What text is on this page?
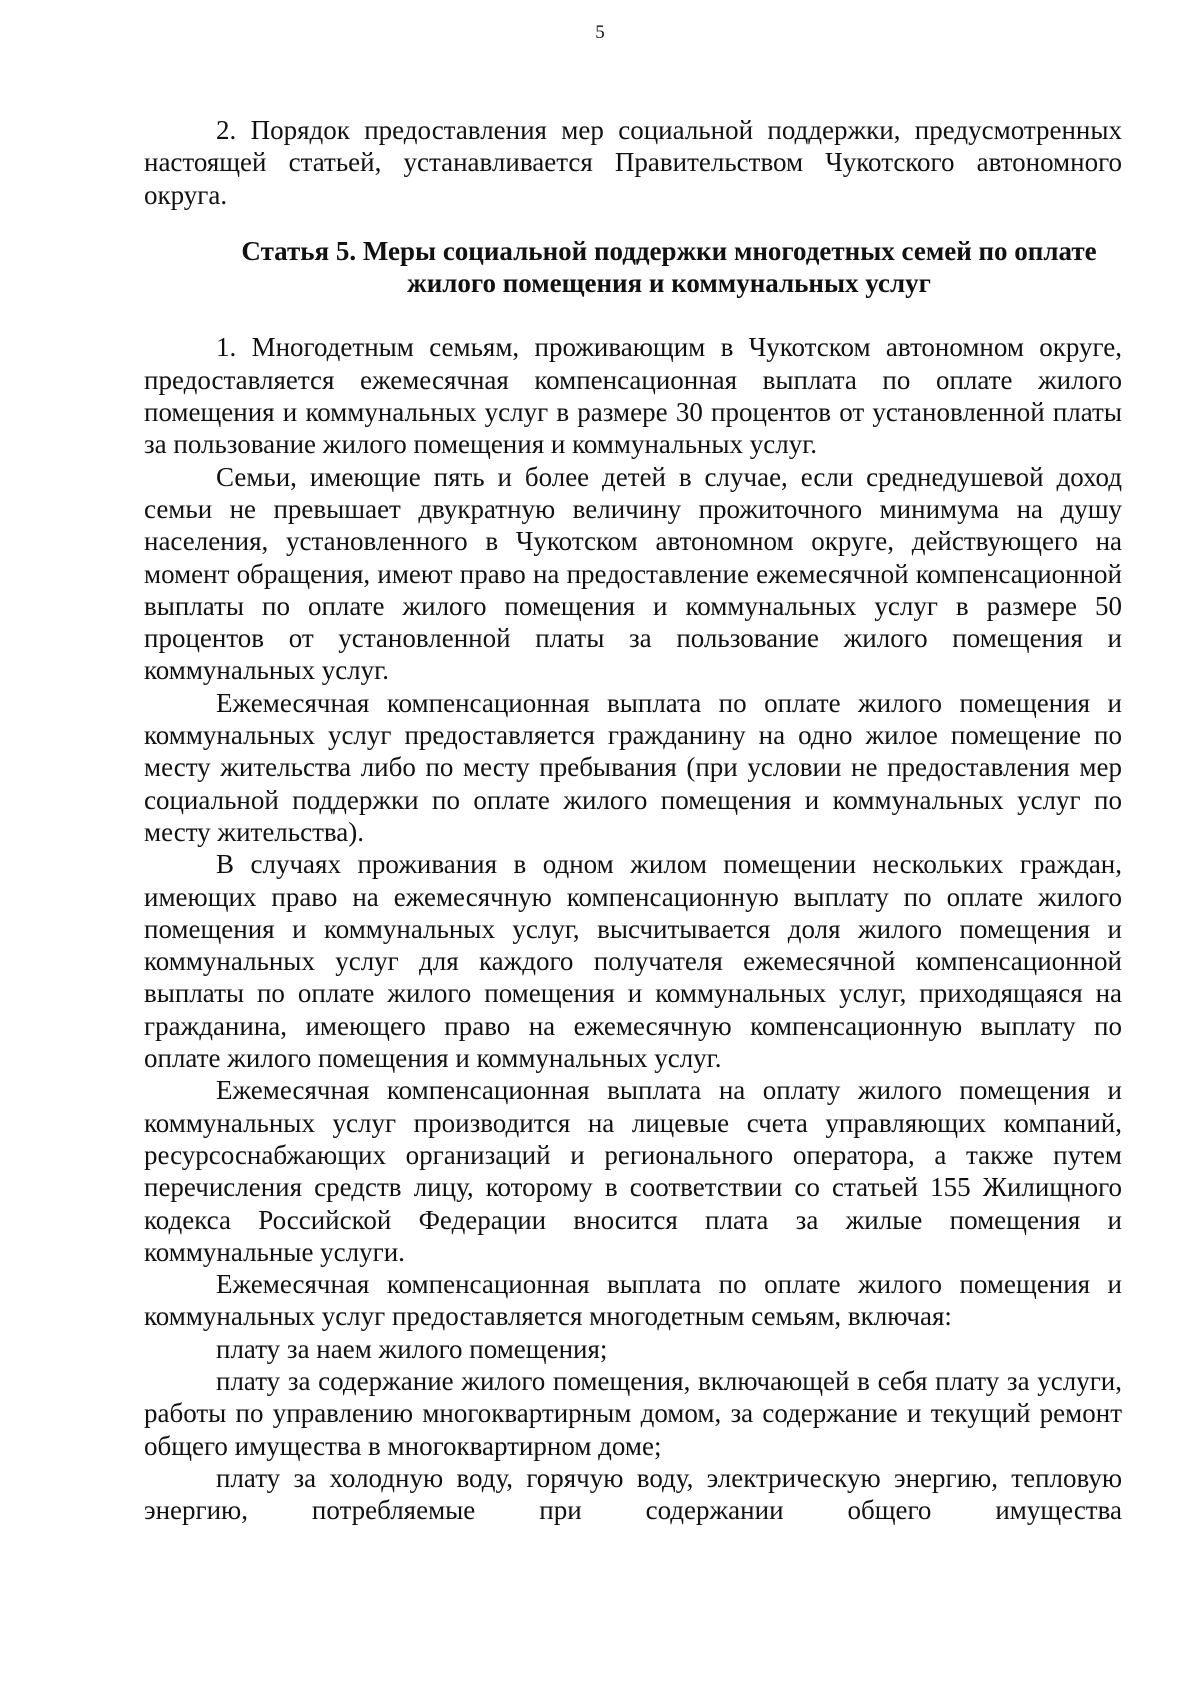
5

2. Порядок предоставления мер социальной поддержки, предусмотренных настоящей статьей, устанавливается Правительством Чукотского автономного округа.

Статья 5. Меры социальной поддержки многодетных семей по оплате
жилого помещения и коммунальных услуг

1. Многодетным семьям, проживающим в Чукотском автономном округе, предоставляется ежемесячная компенсационная выплата по оплате жилого помещения и коммунальных услуг в размере 30 процентов от установленной платы за пользование жилого помещения и коммунальных услуг.

Семьи, имеющие пять и более детей в случае, если среднедушевой доход семьи не превышает двукратную величину прожиточного минимума на душу населения, установленного в Чукотском автономном округе, действующего на момент обращения, имеют право на предоставление ежемесячной компенсационной выплаты по оплате жилого помещения и коммунальных услуг в размере 50 процентов от установленной платы за пользование жилого помещения и коммунальных услуг.

Ежемесячная компенсационная выплата по оплате жилого помещения и коммунальных услуг предоставляется гражданину на одно жилое помещение по месту жительства либо по месту пребывания (при условии не предоставления мер социальной поддержки по оплате жилого помещения и коммунальных услуг по месту жительства).

В случаях проживания в одном жилом помещении нескольких граждан, имеющих право на ежемесячную компенсационную выплату по оплате жилого помещения и коммунальных услуг, высчитывается доля жилого помещения и коммунальных услуг для каждого получателя ежемесячной компенсационной выплаты по оплате жилого помещения и коммунальных услуг, приходящаяся на гражданина, имеющего право на ежемесячную компенсационную выплату по оплате жилого помещения и коммунальных услуг.

Ежемесячная компенсационная выплата на оплату жилого помещения и коммунальных услуг производится на лицевые счета управляющих компаний, ресурсоснабжающих организаций и регионального оператора, а также путем перечисления средств лицу, которому в соответствии со статьей 155 Жилищного кодекса Российской Федерации вносится плата за жилые помещения и коммунальные услуги.

Ежемесячная компенсационная выплата по оплате жилого помещения и коммунальных услуг предоставляется многодетным семьям, включая:

плату за наем жилого помещения;

плату за содержание жилого помещения, включающей в себя плату за услуги, работы по управлению многоквартирным домом, за содержание и текущий ремонт общего имущества в многоквартирном доме;

плату за холодную воду, горячую воду, электрическую энергию, тепловую энергию, потребляемые при содержании общего имущества
